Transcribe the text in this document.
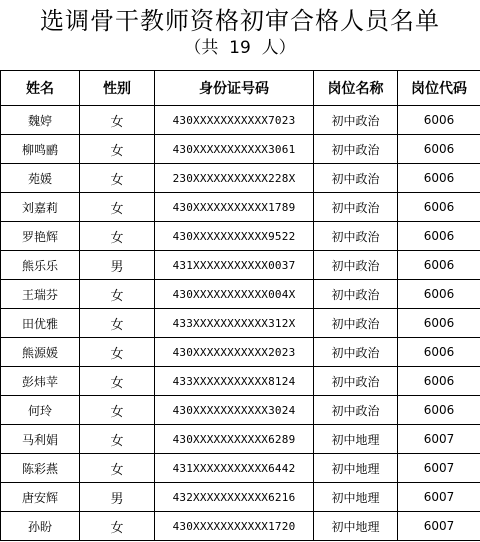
选调骨干教师资格初审合格人员名单
（共  19  人）
姓名	性别	身份证号码	岗位名称	岗位代码
魏婷	女	430XXXXXXXXXXX7023	初中政治	6006
柳鸣鹂	女	430XXXXXXXXXXX3061	初中政治	6006
苑媛	女	230XXXXXXXXXXX228X	初中政治	6006
刘嘉莉	女	430XXXXXXXXXXX1789	初中政治	6006
罗艳辉	女	430XXXXXXXXXXX9522	初中政治	6006
熊乐乐	男	431XXXXXXXXXXX0037	初中政治	6006
王瑞芬	女	430XXXXXXXXXXX004X	初中政治	6006
田优雅	女	433XXXXXXXXXXX312X	初中政治	6006
熊源媛	女	430XXXXXXXXXXX2023	初中政治	6006
彭炜苹	女	433XXXXXXXXXXX8124	初中政治	6006
何玲	女	430XXXXXXXXXXX3024	初中政治	6006
马利娟	女	430XXXXXXXXXXX6289	初中地理	6007
陈彩燕	女	431XXXXXXXXXXX6442	初中地理	6007
唐安辉	男	432XXXXXXXXXXX6216	初中地理	6007
孙盼	女	430XXXXXXXXXXX1720	初中地理	6007
